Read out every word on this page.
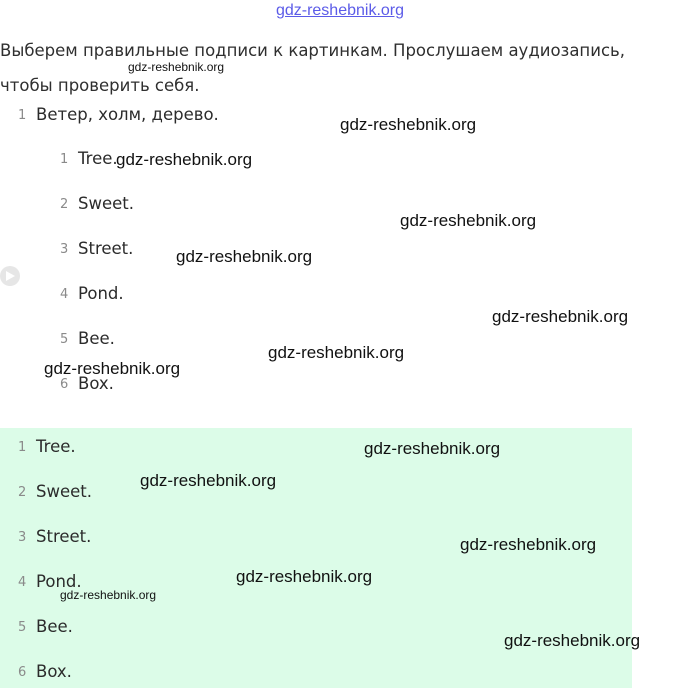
gdz-reshebnik.org
Выберем правильные подписи к картинкам. Прослушаем аудиозапись, чтобы проверить себя.
1 Ветер, холм, дерево.
1 Tree.
2 Sweet.
3 Street.
4 Pond.
5 Bee.
6 Box.
1 Tree.
2 Sweet.
3 Street.
4 Pond.
5 Bee.
6 Box.
gdz-reshebnik.org
gdz-reshebnik.org
gdz-reshebnik.org
gdz-reshebnik.org
gdz-reshebnik.org
gdz-reshebnik.org
gdz-reshebnik.org
gdz-reshebnik.org
gdz-reshebnik.org
gdz-reshebnik.org
gdz-reshebnik.org
gdz-reshebnik.org
gdz-reshebnik.org
gdz-reshebnik.org
